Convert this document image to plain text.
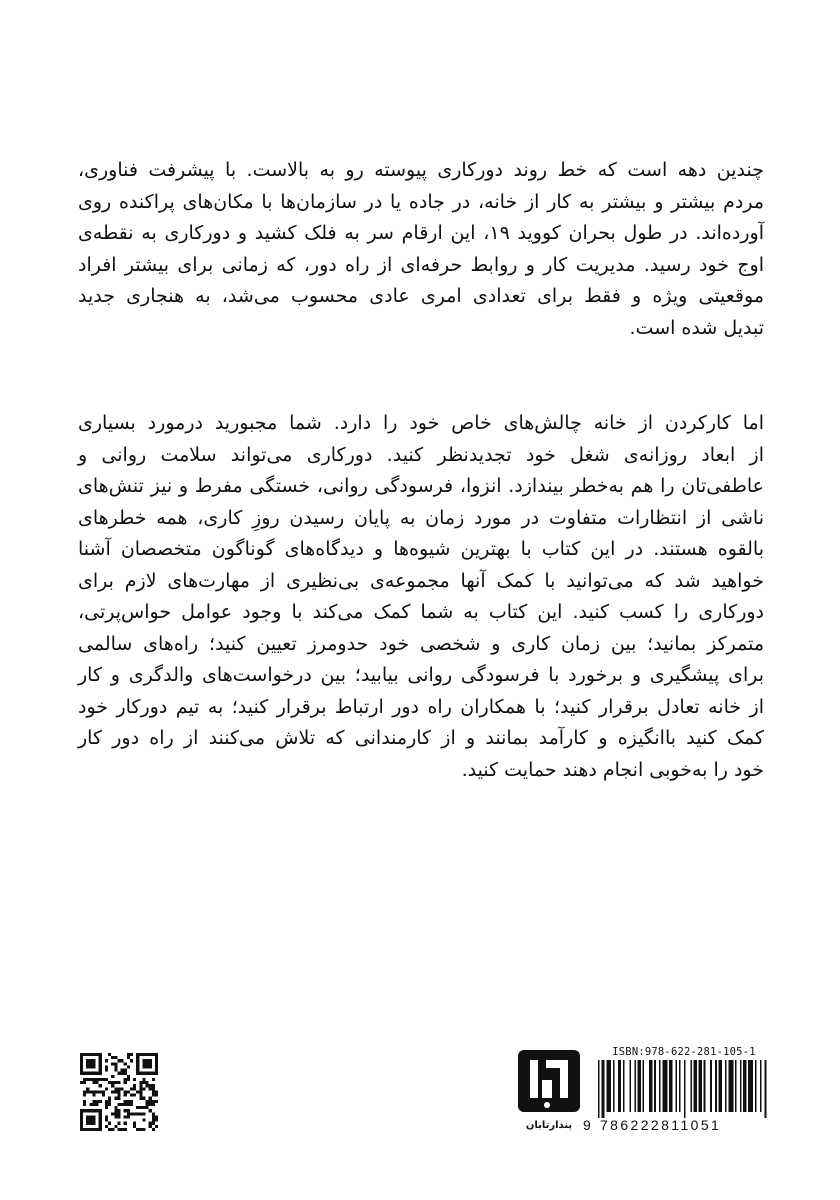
چندین دهه است که خط روند دورکاری پیوسته رو به بالاست. با پیشرفت فناوری،
مردم بیشتر و بیشتر به کار از خانه، در جاده یا در سازمان‌ها با مکان‌های پراکنده روی
آورده‌اند. در طول بحران کووید ۱۹، این ارقام سر به فلک کشید و دورکاری به نقطه‌ی
اوج خود رسید. مدیریت کار و روابط حرفه‌ای از راه دور، که زمانی برای بیشتر افراد
موقعیتی ویژه و فقط برای تعدادی امری عادی محسوب می‌شد، به هنجاری جدید
تبدیل شده است.
اما کارکردن از خانه چالش‌های خاص خود را دارد. شما مجبورید درمورد بسیاری
از ابعاد روزانه‌ی شغل خود تجدیدنظر کنید. دورکاری می‌تواند سلامت روانی و
عاطفی‌تان را هم به‌خطر بیندازد. انزوا، فرسودگی روانی، خستگی مفرط و نیز تنش‌های
ناشی از انتظارات متفاوت در مورد زمان به پایان رسیدن روزِ کاری، همه خطرهای
بالقوه هستند. در این کتاب با بهترین شیوه‌ها و دیدگاه‌های گوناگون متخصصان آشنا
خواهید شد که می‌توانید با کمک آنها مجموعه‌ی بی‌نظیری از مهارت‌های لازم برای
دورکاری را کسب کنید. این کتاب به شما کمک می‌کند با وجود عوامل حواس‌پرتی،
متمرکز بمانید؛ بین زمان کاری و شخصی خود حدومرز تعیین کنید؛ راه‌های سالمی
برای پیشگیری و برخورد با فرسودگی روانی بیابید؛ بین درخواست‌های والدگری و کار
از خانه تعادل برقرار کنید؛ با همکاران راه دور ارتباط برقرار کنید؛ به تیم دورکار خود
کمک کنید باانگیزه و کارآمد بمانند و از کارمندانی که تلاش می‌کنند از راه دور کار
خود را به‌خوبی انجام دهند حمایت کنید.
پندارتابان
ISBN:978-622-281-105-1
9 786222811051
